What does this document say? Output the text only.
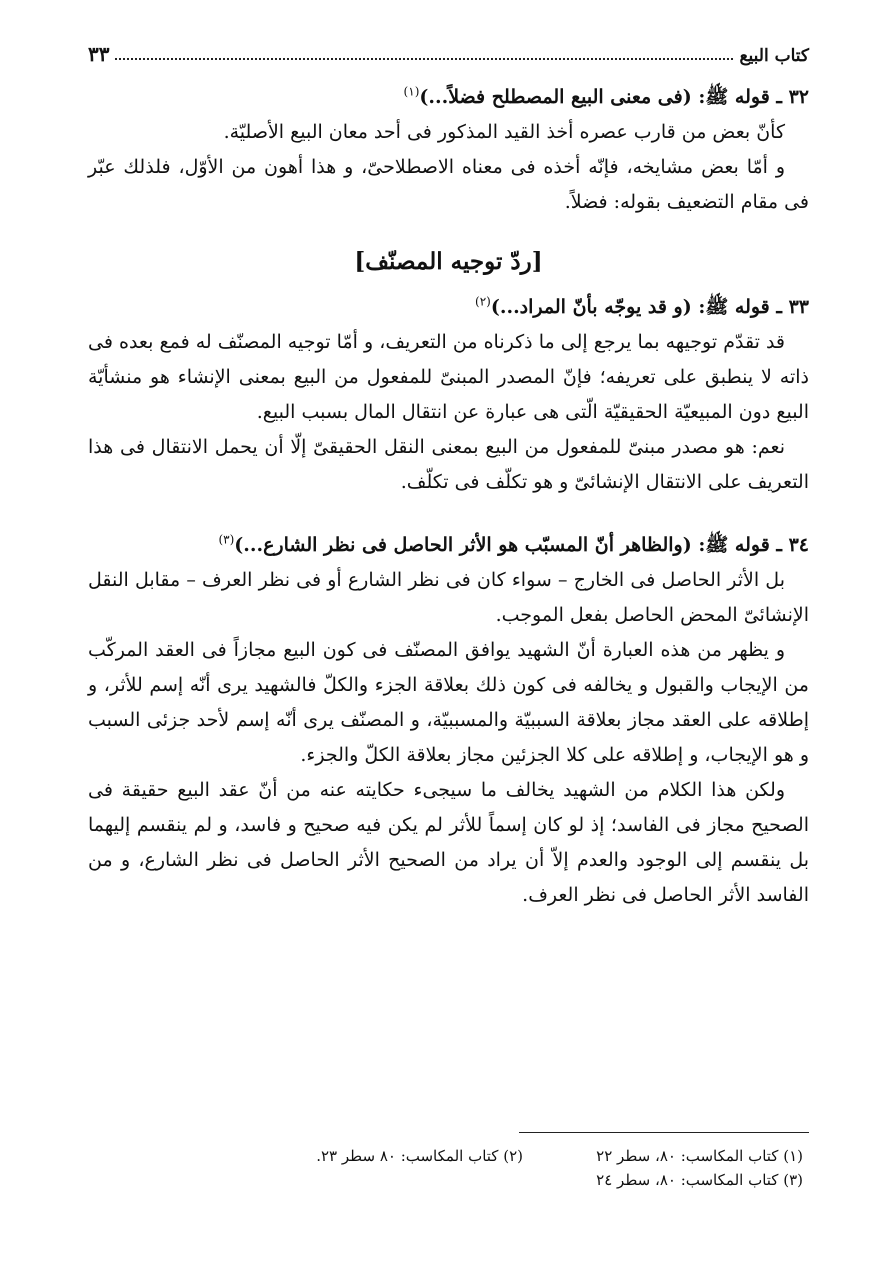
كتاب البيع
٣٣

٣٢ ـ قوله ﷺ: (فى معنى البيع المصطلح فضلاً...)$^{(١)}$

كأنّ بعض من قارب عصره أخذ القيد المذكور فى أحد معان البيع الأصليّة.

و أمّا بعض مشايخه، فإنّه أخذه فى معناه الاصطلاحىّ، و هذا أهون من الأوّل، فلذلك عبّر فى مقام التضعيف بقوله: فضلاً.

[ردّ توجيه المصنّف]

٣٣ ـ قوله ﷺ: (و قد يوجّه بأنّ المراد...)$^{(٢)}$

قد تقدّم توجيهه بما يرجع إلى ما ذكرناه من التعريف، و أمّا توجيه المصنّف له فمع بعده فى ذاته لا ينطبق على تعريفه؛ فإنّ المصدر المبنىّ للمفعول من البيع بمعنى الإنشاء هو منشأيّة البيع دون المبيعيّة الحقيقيّة الّتى هى عبارة عن انتقال المال بسبب البيع.

نعم: هو مصدر مبنىّ للمفعول من البيع بمعنى النقل الحقيقىّ إلّا أن يحمل الانتقال فى هذا التعريف على الانتقال الإنشائىّ و هو تكلّف فى تكلّف.

٣٤ ـ قوله ﷺ: (والظاهر أنّ المسبّب هو الأثر الحاصل فى نظر الشارع...)$^{(٣)}$

بل الأثر الحاصل فى الخارج – سواء كان فى نظر الشارع أو فى نظر العرف – مقابل النقل الإنشائىّ المحض الحاصل بفعل الموجب.

و يظهر من هذه العبارة أنّ الشهيد يوافق المصنّف فى كون البيع مجازاً فى العقد المركّب من الإيجاب والقبول و يخالفه فى كون ذلك بعلاقة الجزء والكلّ فالشهيد يرى أنّه إسم للأثر، و إطلاقه على العقد مجاز بعلاقة السببيّة والمسببيّة، و المصنّف يرى أنّه إسم لأحد جزئى السبب و هو الإيجاب، و إطلاقه على كلا الجزئين مجاز بعلاقة الكلّ والجزء.

ولكن هذا الكلام من الشهيد يخالف ما سيجىء حكايته عنه من أنّ عقد البيع حقيقة فى الصحيح مجاز فى الفاسد؛ إذ لو كان إسماً للأثر لم يكن فيه صحيح و فاسد، و لم ينقسم إليهما بل ينقسم إلى الوجود والعدم إلاّ أن يراد من الصحيح الأثر الحاصل فى نظر الشارع، و من الفاسد الأثر الحاصل فى نظر العرف.

(١) كتاب المكاسب: ٨٠، سطر ٢٢
(٢) كتاب المكاسب: ٨٠ سطر ٢٣.
(٣) كتاب المكاسب: ٨٠، سطر ٢٤
